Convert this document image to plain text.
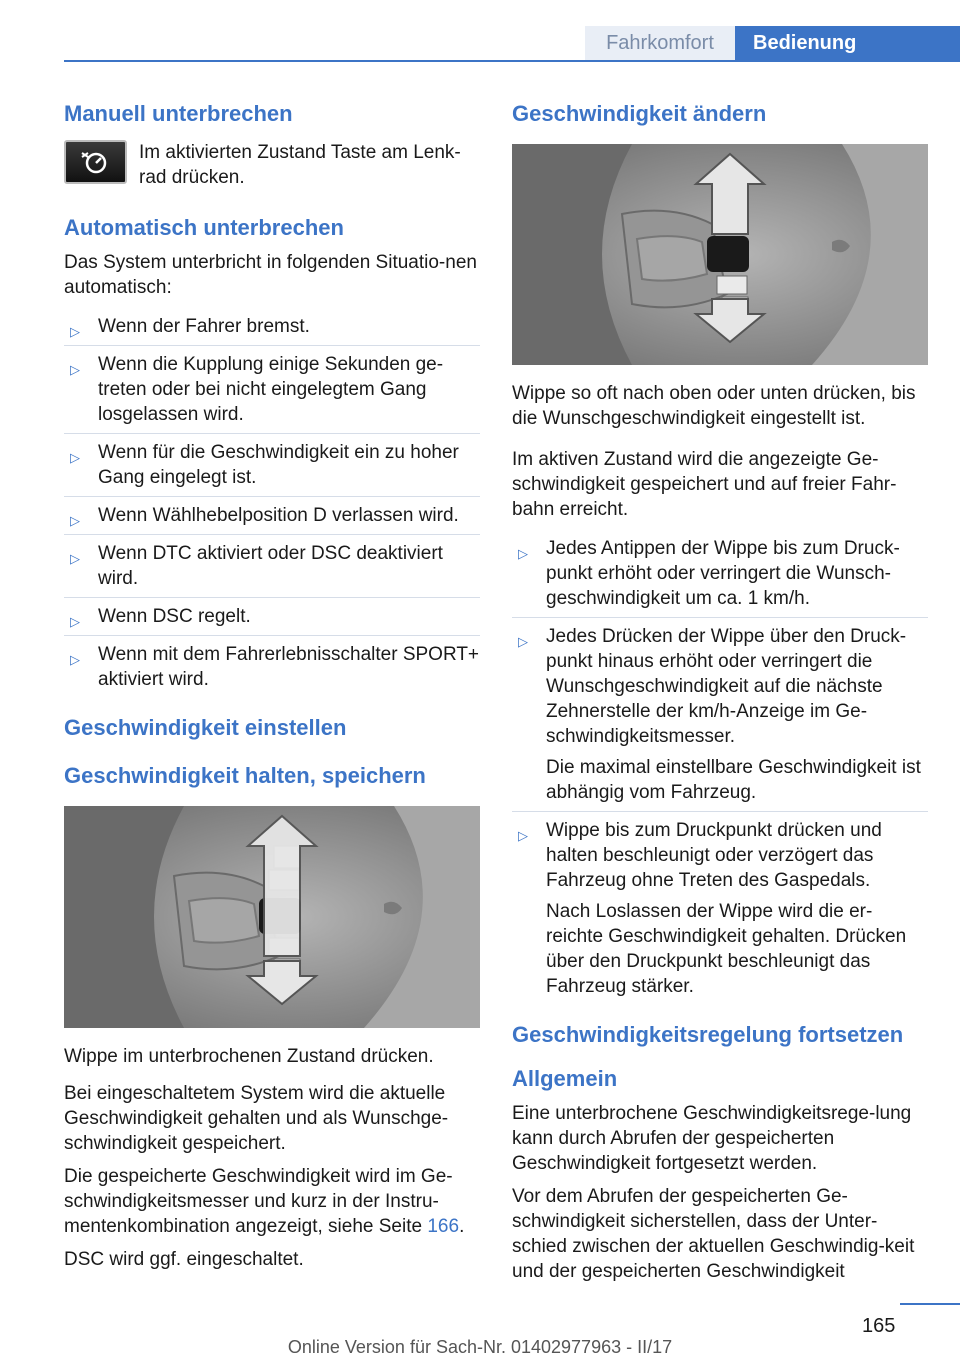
Fahrkomfort	Bedienung
Manuell unterbrechen

Im aktivierten Zustand Taste am Lenk-rad drücken.

Automatisch unterbrechen

Das System unterbricht in folgenden Situatio-nen automatisch:

▷ Wenn der Fahrer bremst.
▷ Wenn die Kupplung einige Sekunden ge-treten oder bei nicht eingelegtem Gang losgelassen wird.
▷ Wenn für die Geschwindigkeit ein zu hoher Gang eingelegt ist.
▷ Wenn Wählhebelposition D verlassen wird.
▷ Wenn DTC aktiviert oder DSC deaktiviert wird.
▷ Wenn DSC regelt.
▷ Wenn mit dem Fahrerlebnisschalter SPORT+ aktiviert wird.
Geschwindigkeit einstellen
Geschwindigkeit halten, speichern

Wippe im unterbrochenen Zustand drücken.

Bei eingeschaltetem System wird die aktuelle Geschwindigkeit gehalten und als Wunschge-schwindigkeit gespeichert.

Die gespeicherte Geschwindigkeit wird im Ge-schwindigkeitsmesser und kurz in der Instru-mentenkombination angezeigt, siehe Seite 166.

DSC wird ggf. eingeschaltet.

Geschwindigkeit ändern

Wippe so oft nach oben oder unten drücken, bis die Wunschgeschwindigkeit eingestellt ist.

Im aktiven Zustand wird die angezeigte Ge-schwindigkeit gespeichert und auf freier Fahr-bahn erreicht.

▷ Jedes Antippen der Wippe bis zum Druck-punkt erhöht oder verringert die Wunsch-geschwindigkeit um ca. 1 km/h.
▷ Jedes Drücken der Wippe über den Druck-punkt hinaus erhöht oder verringert die Wunschgeschwindigkeit auf die nächste Zehnerstelle der km/h-Anzeige im Ge-schwindigkeitsmesser.
Die maximal einstellbare Geschwindigkeit ist abhängig vom Fahrzeug.
▷ Wippe bis zum Druckpunkt drücken und halten beschleunigt oder verzögert das Fahrzeug ohne Treten des Gaspedals.
Nach Loslassen der Wippe wird die er-reichte Geschwindigkeit gehalten. Drücken über den Druckpunkt beschleunigt das Fahrzeug stärker.
Geschwindigkeitsregelung fortsetzen
Allgemein

Eine unterbrochene Geschwindigkeitsrege-lung kann durch Abrufen der gespeicherten Geschwindigkeit fortgesetzt werden.

Vor dem Abrufen der gespeicherten Ge-schwindigkeit sicherstellen, dass der Unter-schied zwischen der aktuellen Geschwindig-keit und der gespeicherten Geschwindigkeit

165
Online Version für Sach-Nr. 01402977963 - II/17
